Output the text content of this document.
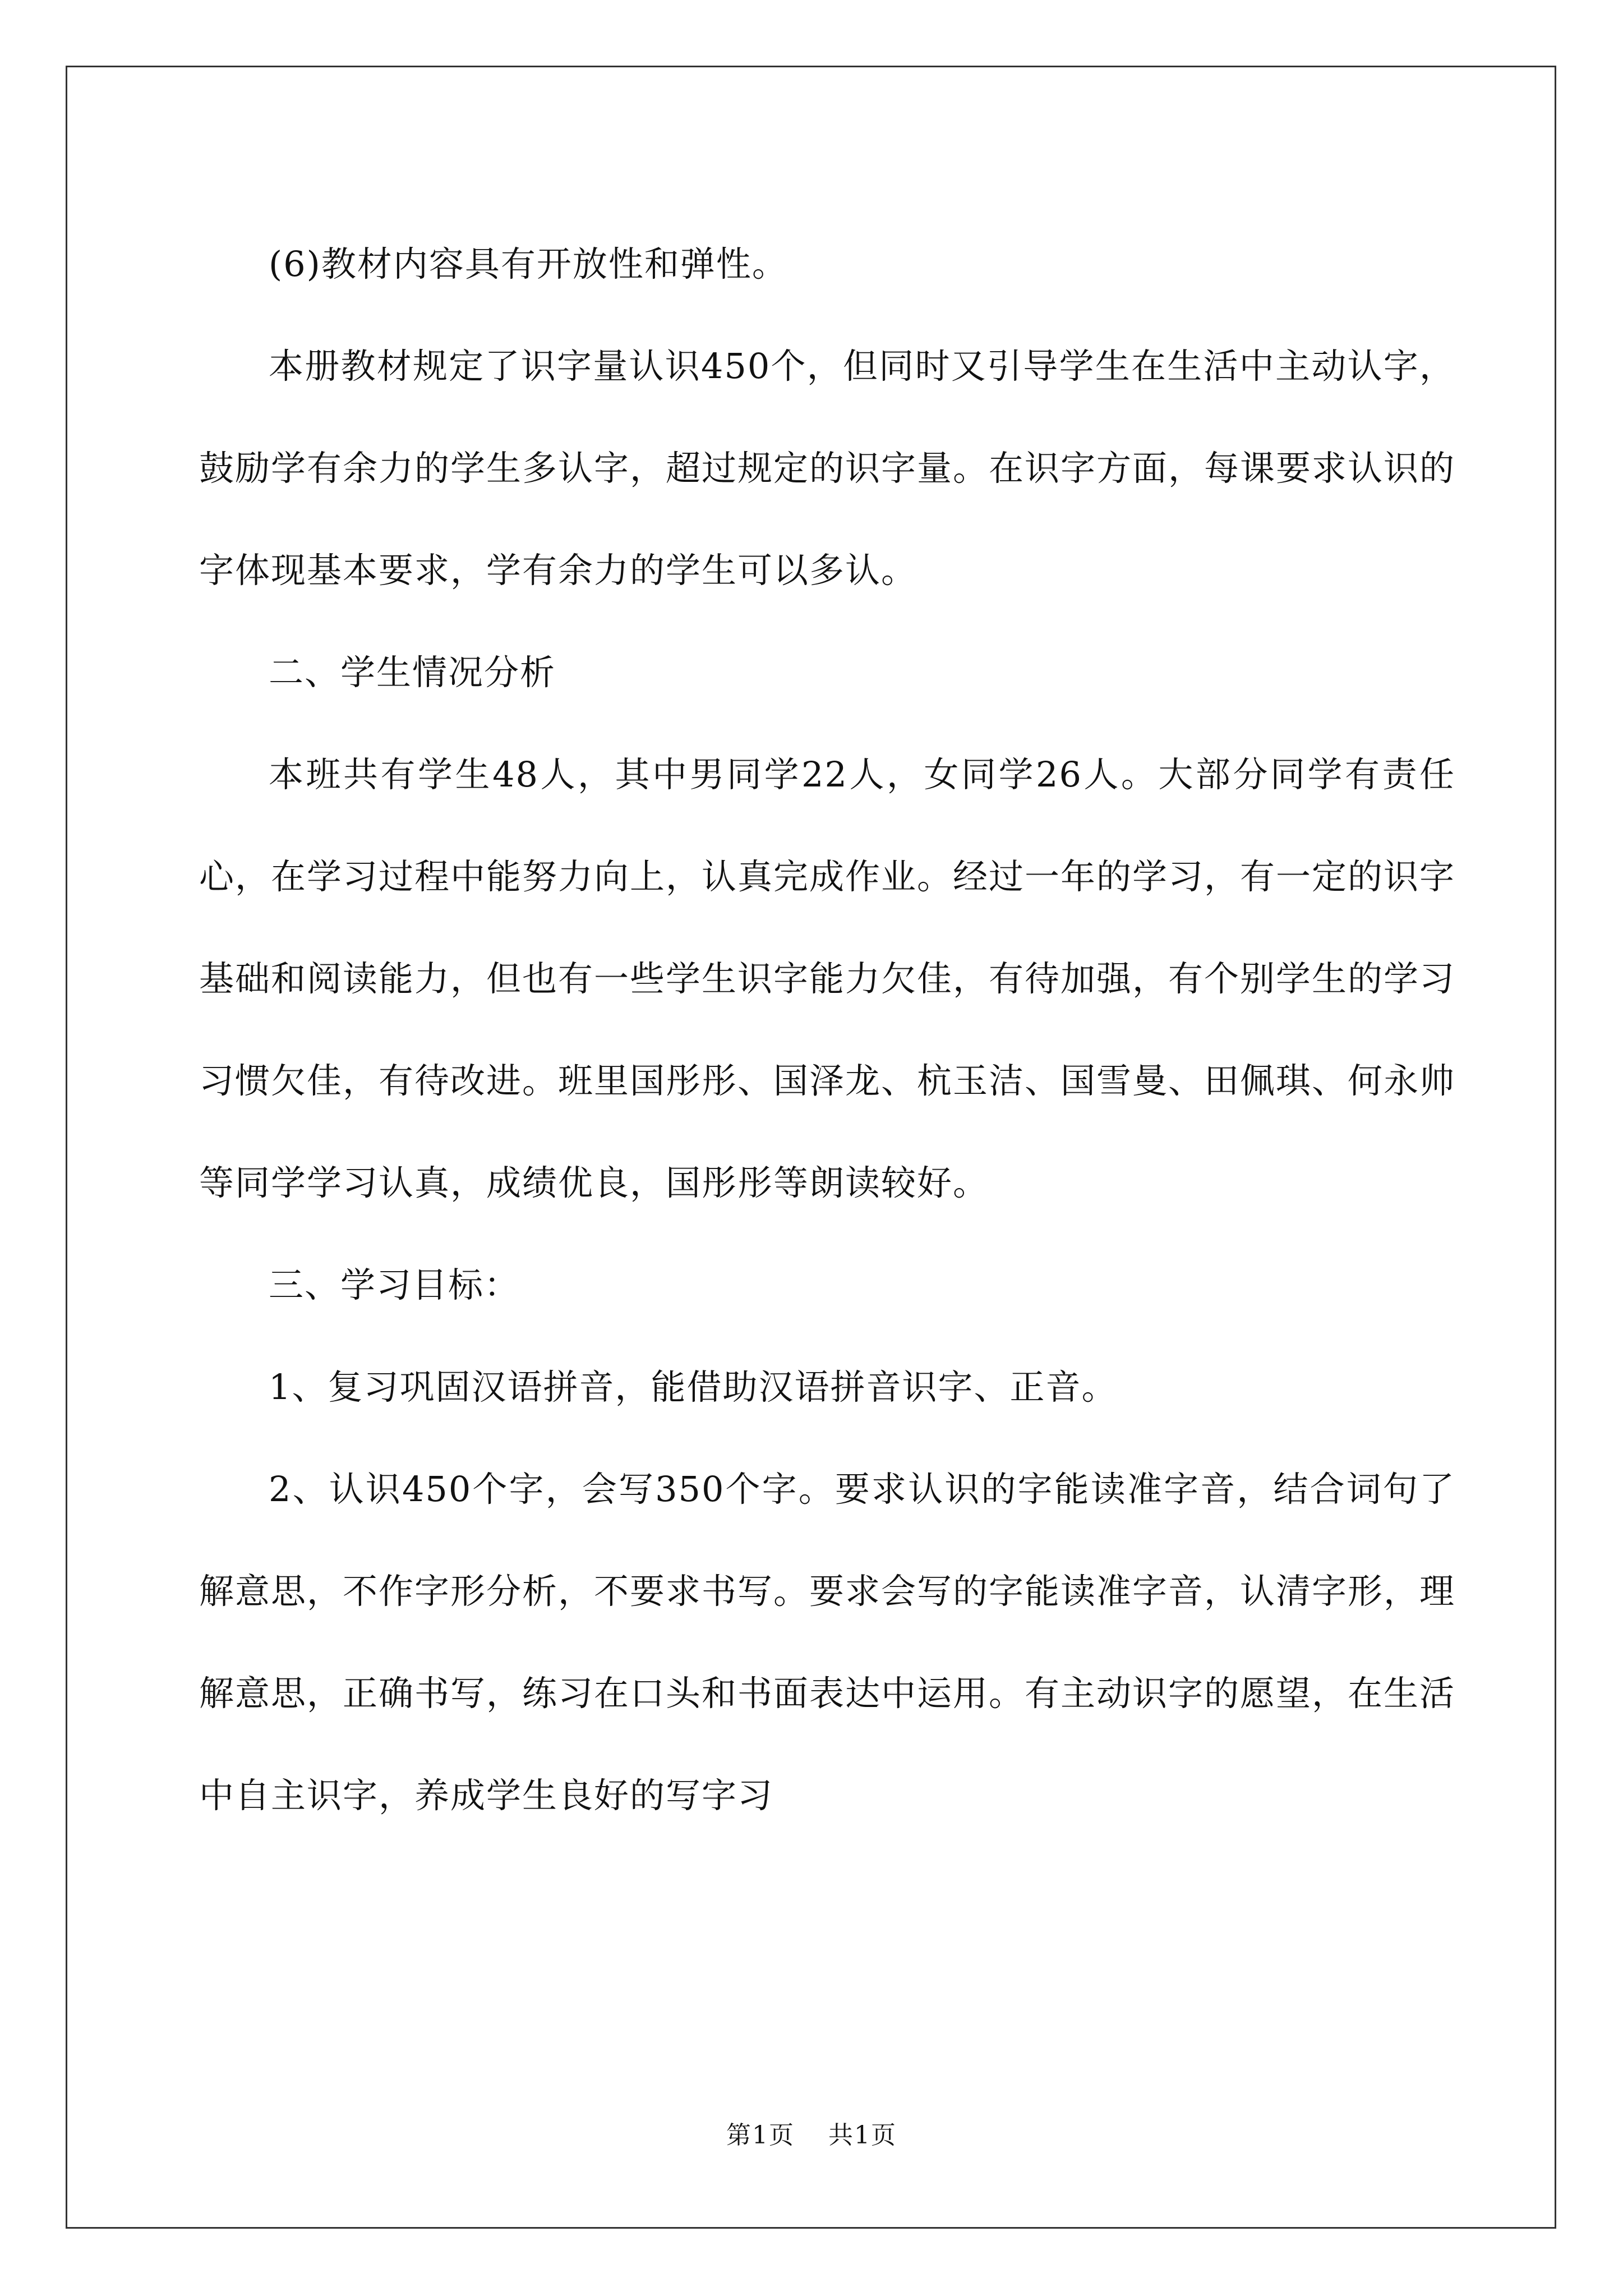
(6)教材内容具有开放性和弹性。

本册教材规定了识字量认识450个，但同时又引导学生在生活中主动认字，鼓励学有余力的学生多认字，超过规定的识字量。在识字方面，每课要求认识的字体现基本要求，学有余力的学生可以多认。

二、学生情况分析

本班共有学生48人，其中男同学22人，女同学26人。大部分同学有责任心，在学习过程中能努力向上，认真完成作业。经过一年的学习，有一定的识字基础和阅读能力，但也有一些学生识字能力欠佳，有待加强，有个别学生的学习习惯欠佳，有待改进。班里国彤彤、国泽龙、杭玉洁、国雪曼、田佩琪、何永帅等同学学习认真，成绩优良，国彤彤等朗读较好。

三、学习目标：

1、复习巩固汉语拼音，能借助汉语拼音识字、正音。

2、认识450个字，会写350个字。要求认识的字能读准字音，结合词句了解意思，不作字形分析，不要求书写。要求会写的字能读准字音，认清字形，理解意思，正确书写，练习在口头和书面表达中运用。有主动识字的愿望，在生活中自主识字，养成学生良好的写字习

第1页 共1页
